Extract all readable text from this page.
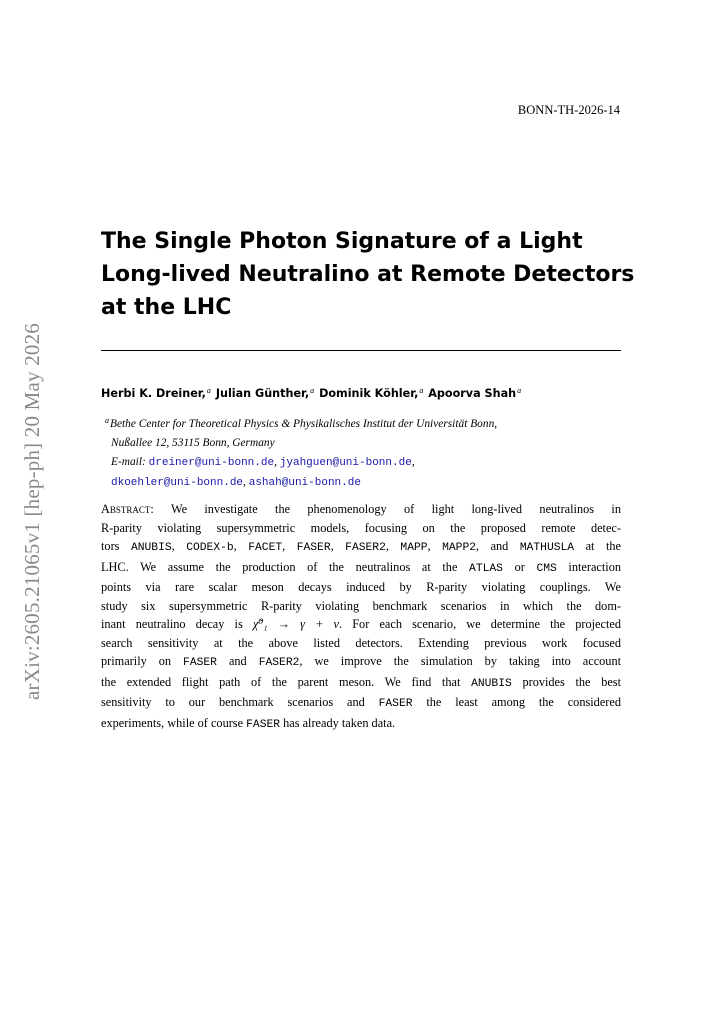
BONN-TH-2026-14
arXiv:2605.21065v1 [hep-ph] 20 May 2026
The Single Photon Signature of a Light
Long-lived Neutralino at Remote Detectors
at the LHC
Herbi K. Dreiner,$^a$ Julian Günther,$^a$ Dominik Köhler,$^a$ Apoorva Shah$^a$
$^a$Bethe Center for Theoretical Physics & Physikalisches Institut der Universität Bonn,
Nußallee 12, 53115 Bonn, Germany
E-mail: dreiner@uni-bonn.de, jyahguen@uni-bonn.de,
dkoehler@uni-bonn.de, ashah@uni-bonn.de
Abstract: We investigate the phenomenology of light long-lived neutralinos in
R-parity violating supersymmetric models, focusing on the proposed remote detec-
tors ANUBIS, CODEX-b, FACET, FASER, FASER2, MAPP, MAPP2, and MATHUSLA at the
LHC. We assume the production of the neutralinos at the ATLAS or CMS interaction
points via rare scalar meson decays induced by R-parity violating couplings. We
study six supersymmetric R-parity violating benchmark scenarios in which the dom-
inant neutralino decay is χ̃⁰₁ → γ + ν. For each scenario, we determine the projected
search sensitivity at the above listed detectors. Extending previous work focused
primarily on FASER and FASER2, we improve the simulation by taking into account
the extended flight path of the parent meson. We find that ANUBIS provides the best
sensitivity to our benchmark scenarios and FASER the least among the considered
experiments, while of course FASER has already taken data.
